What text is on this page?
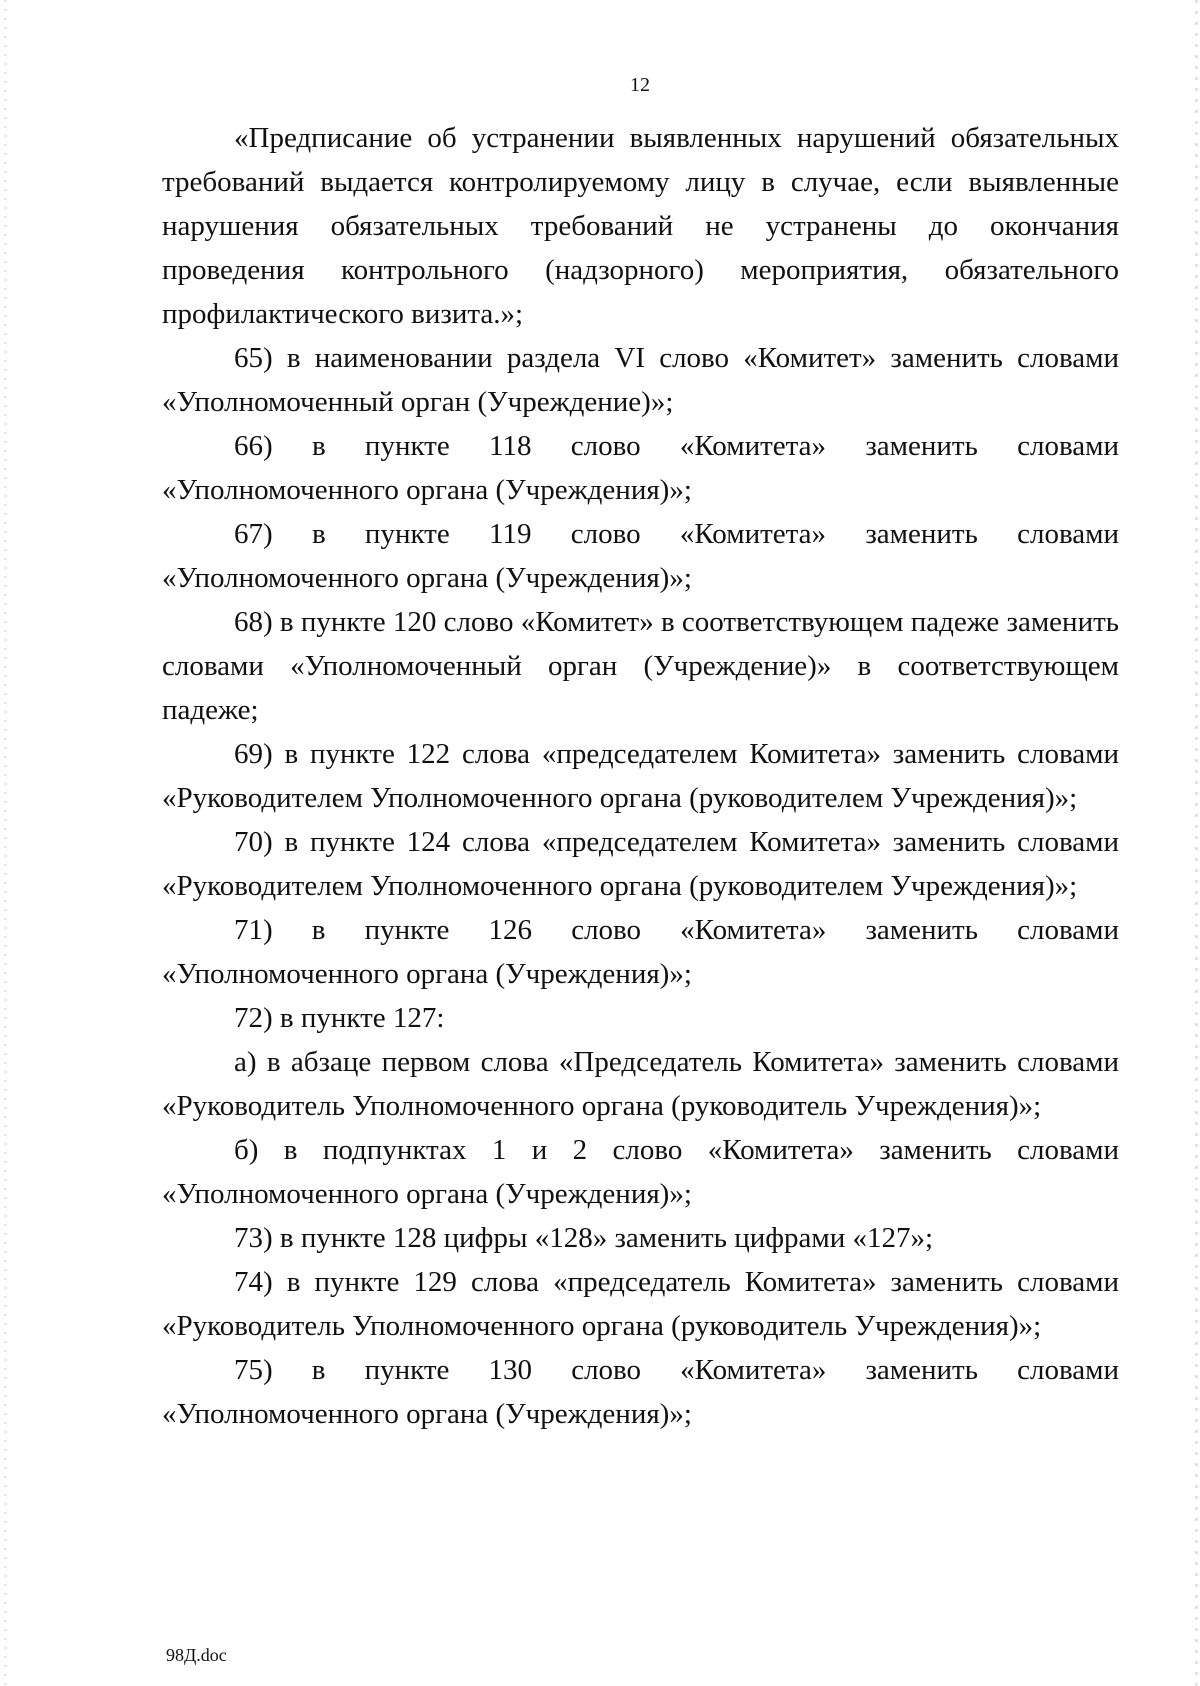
12

«Предписание об устранении выявленных нарушений обязательных требований выдается контролируемому лицу в случае, если выявленные нарушения обязательных требований не устранены до окончания проведения контрольного (надзорного) мероприятия, обязательного профилактического визита.»;

65) в наименовании раздела VI слово «Комитет» заменить словами «Уполномоченный орган (Учреждение)»;

66) в пункте 118 слово «Комитета» заменить словами «Уполномоченного органа (Учреждения)»;

67) в пункте 119 слово «Комитета» заменить словами «Уполномоченного органа (Учреждения)»;

68) в пункте 120 слово «Комитет» в соответствующем падеже заменить словами «Уполномоченный орган (Учреждение)» в соответствующем падеже;

69) в пункте 122 слова «председателем Комитета» заменить словами «Руководителем Уполномоченного органа (руководителем Учреждения)»;

70) в пункте 124 слова «председателем Комитета» заменить словами «Руководителем Уполномоченного органа (руководителем Учреждения)»;

71) в пункте 126 слово «Комитета» заменить словами «Уполномоченного органа (Учреждения)»;

72) в пункте 127:

а) в абзаце первом слова «Председатель Комитета» заменить словами «Руководитель Уполномоченного органа (руководитель Учреждения)»;

б) в подпунктах 1 и 2 слово «Комитета» заменить словами «Уполномоченного органа (Учреждения)»;

73) в пункте 128 цифры «128» заменить цифрами «127»;

74) в пункте 129 слова «председатель Комитета» заменить словами «Руководитель Уполномоченного органа (руководитель Учреждения)»;

75) в пункте 130 слово «Комитета» заменить словами «Уполномоченного органа (Учреждения)»;

98Д.doc
